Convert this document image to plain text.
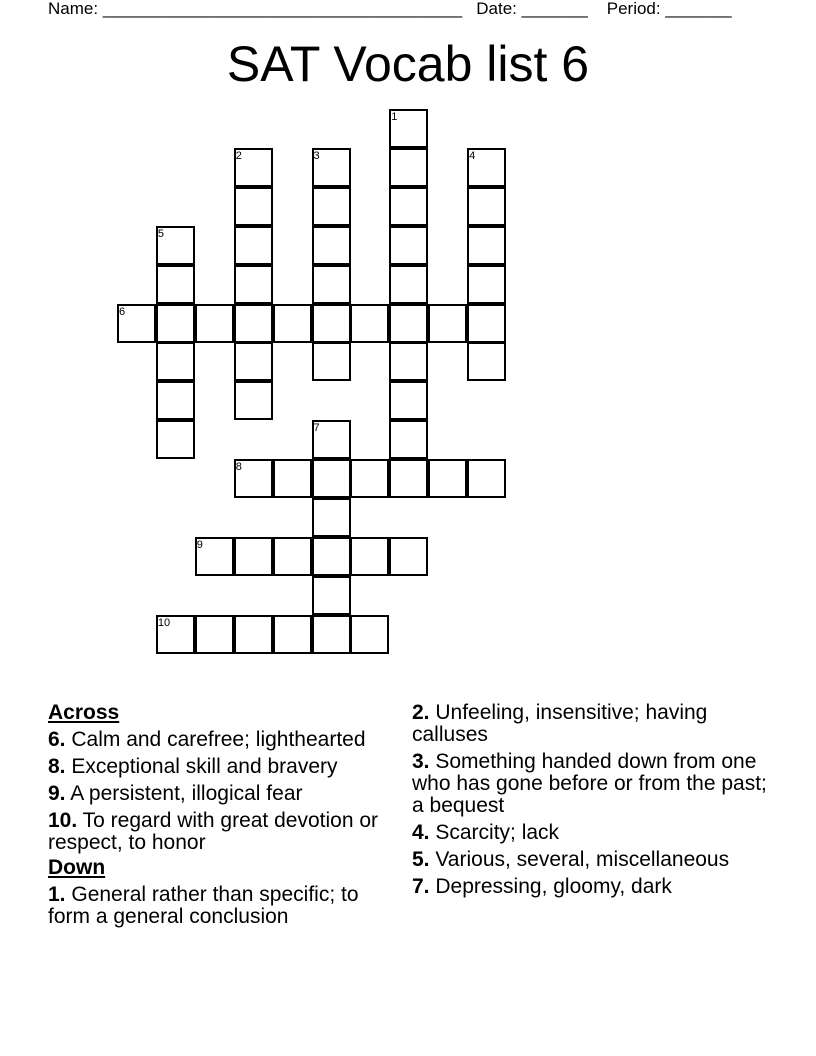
Name: ______________________________________ Date: _______ Period: _______
SAT Vocab list 6
1
2	3	4
5
6
7
8
9
10
Across
6. Calm and carefree; lighthearted
8. Exceptional skill and bravery
9. A persistent, illogical fear
10. To regard with great devotion or respect, to honor
Down
1. General rather than specific; to form a general conclusion
2. Unfeeling, insensitive; having calluses
3. Something handed down from one who has gone before or from the past; a bequest
4. Scarcity; lack
5. Various, several, miscellaneous
7. Depressing, gloomy, dark
